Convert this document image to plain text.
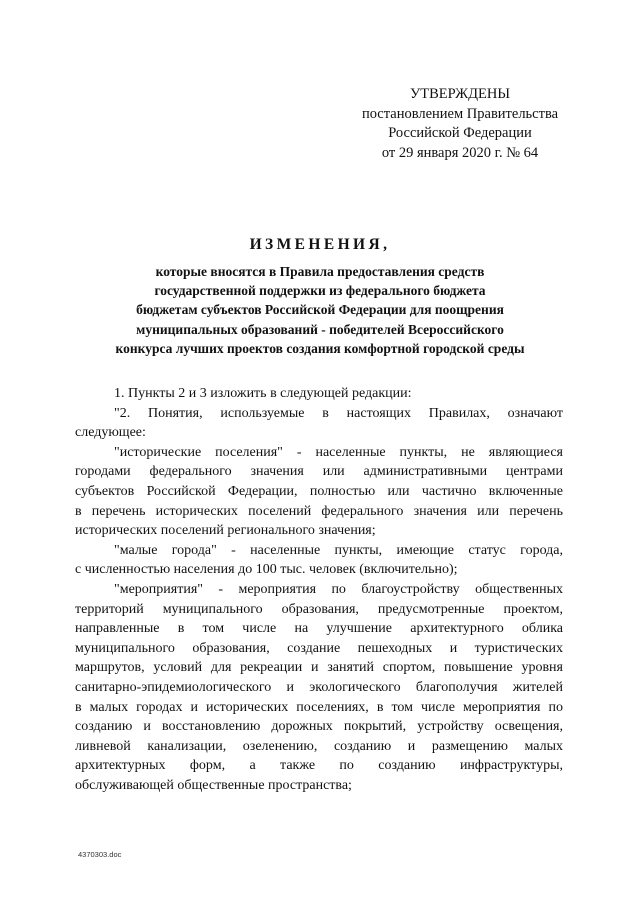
УТВЕРЖДЕНЫ
постановлением Правительства
Российской Федерации
от 29 января 2020 г. № 64
ИЗМЕНЕНИЯ,
которые вносятся в Правила предоставления средств
государственной поддержки из федерального бюджета
бюджетам субъектов Российской Федерации для поощрения
муниципальных образований - победителей Всероссийского
конкурса лучших проектов создания комфортной городской среды
1. Пункты 2 и 3 изложить в следующей редакции:
"2. Понятия, используемые в настоящих Правилах, означают
следующее:
"исторические поселения" - населенные пункты, не являющиеся
городами федерального значения или административными центрами
субъектов Российской Федерации, полностью или частично включенные
в перечень исторических поселений федерального значения или перечень
исторических поселений регионального значения;
"малые города" - населенные пункты, имеющие статус города,
с численностью населения до 100 тыс. человек (включительно);
"мероприятия" - мероприятия по благоустройству общественных
территорий муниципального образования, предусмотренные проектом,
направленные в том числе на улучшение архитектурного облика
муниципального образования, создание пешеходных и туристических
маршрутов, условий для рекреации и занятий спортом, повышение уровня
санитарно-эпидемиологического и экологического благополучия жителей
в малых городах и исторических поселениях, в том числе мероприятия по
созданию и восстановлению дорожных покрытий, устройству освещения,
ливневой канализации, озеленению, созданию и размещению малых
архитектурных форм, а также по созданию инфраструктуры,
обслуживающей общественные пространства;
4370303.doc
